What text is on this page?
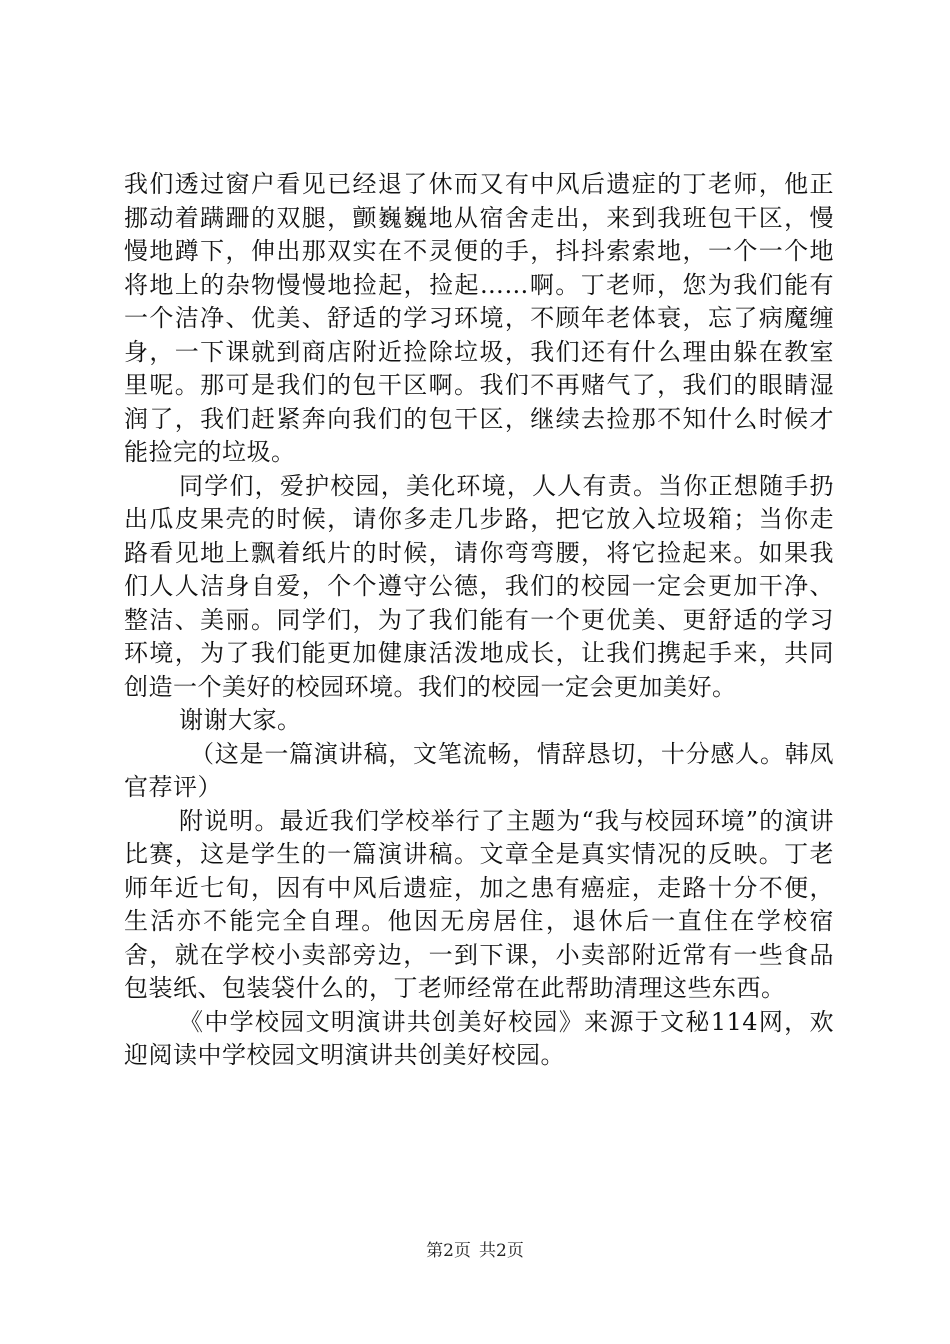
我们透过窗户看见已经退了休而又有中风后遗症的丁老师，他正挪动着蹒跚的双腿，颤巍巍地从宿舍走出，来到我班包干区，慢慢地蹲下，伸出那双实在不灵便的手，抖抖索索地，一个一个地将地上的杂物慢慢地捡起，捡起……啊。丁老师，您为我们能有一个洁净、优美、舒适的学习环境，不顾年老体衰，忘了病魔缠身，一下课就到商店附近捡除垃圾，我们还有什么理由躲在教室里呢。那可是我们的包干区啊。我们不再赌气了，我们的眼睛湿润了，我们赶紧奔向我们的包干区，继续去捡那不知什么时候才能捡完的垃圾。

同学们，爱护校园，美化环境，人人有责。当你正想随手扔出瓜皮果壳的时候，请你多走几步路，把它放入垃圾箱；当你走路看见地上飘着纸片的时候，请你弯弯腰，将它捡起来。如果我们人人洁身自爱，个个遵守公德，我们的校园一定会更加干净、整洁、美丽。同学们，为了我们能有一个更优美、更舒适的学习环境，为了我们能更加健康活泼地成长，让我们携起手来，共同创造一个美好的校园环境。我们的校园一定会更加美好。

谢谢大家。

（这是一篇演讲稿，文笔流畅，情辞恳切，十分感人。韩凤官荐评）

附说明。最近我们学校举行了主题为“我与校园环境”的演讲比赛，这是学生的一篇演讲稿。文章全是真实情况的反映。丁老师年近七旬，因有中风后遗症，加之患有癌症，走路十分不便，生活亦不能完全自理。他因无房居住，退休后一直住在学校宿舍，就在学校小卖部旁边，一到下课，小卖部附近常有一些食品包装纸、包装袋什么的，丁老师经常在此帮助清理这些东西。

《中学校园文明演讲共创美好校园》来源于文秘114网，欢迎阅读中学校园文明演讲共创美好校园。

第2页 共2页
